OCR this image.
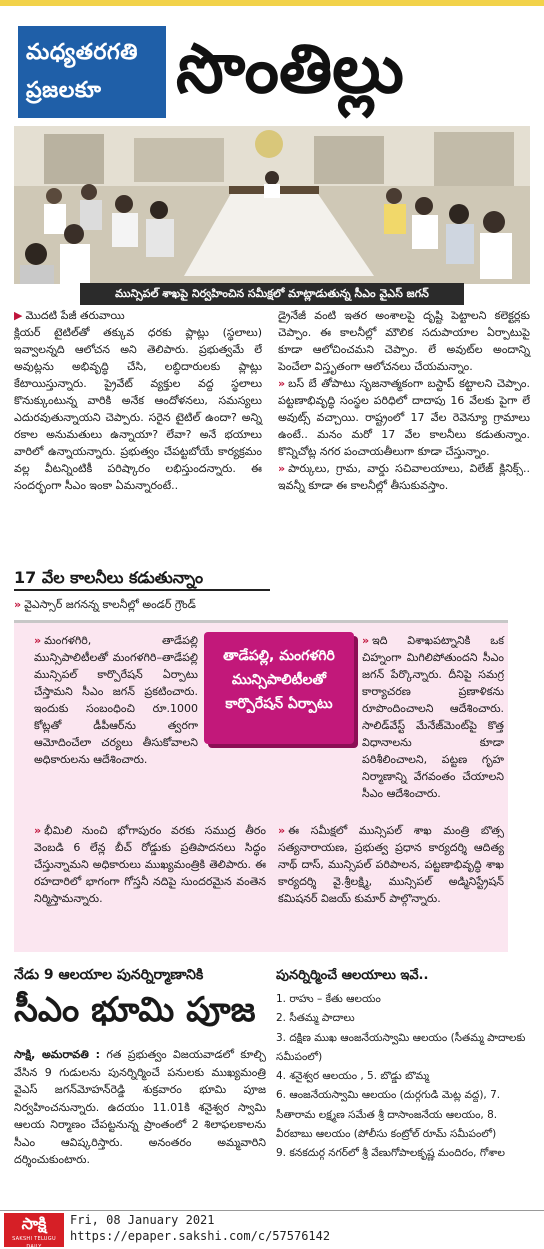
మధ్యతరగతి
ప్రజలకూ	సొంతిల్లు
మున్సిపల్ శాఖపై నిర్వహించిన సమీక్షలో మాట్లాడుతున్న సీఎం వైఎస్ జగన్

▶ మొదటి పేజీ తరువాయి

క్లియర్ టైటిల్‌తో తక్కువ ధరకు ప్లాట్లు (స్థలాలు) ఇవ్వాలన్నది ఆలోచన అని తెలిపారు. ప్రభుత్వమే లే అవుట్లను అభివృద్ధి చేసి, లబ్ధిదారులకు ప్లాట్లు కేటాయిస్తున్నారు. ప్రైవేట్ వ్యక్తుల వద్ద స్థలాలు కొనుక్కుంటున్న వారికి అనేక ఆందోళనలు, సమస్యలు ఎదురవుతున్నాయని చెప్పారు. సరైన టైటిల్ ఉందా? అన్ని రకాల అనుమతులు ఉన్నాయా? లేవా? అనే భయాలు వారిలో ఉన్నాయన్నారు. ప్రభుత్వం చేపట్టబోయే కార్యక్రమం వల్ల వీటన్నింటికీ పరిష్కారం లభిస్తుందన్నారు. ఈ సందర్భంగా సీఎం ఇంకా ఏమన్నారంటే..

17 వేల కాలనీలు కడుతున్నాం

» వైఎస్సార్ జగనన్న కాలనీల్లో అండర్ గ్రౌండ్

డ్రైనేజీ వంటి ఇతర అంశాలపై దృష్టి పెట్టాలని కలెక్టర్లకు చెప్పాం. ఈ కాలనీల్లో మౌలిక సదుపాయాల ఏర్పాటుపై కూడా ఆలోచించమని చెప్పాం. లే అవుట్‌ల అందాన్ని పెంచేలా విస్తృతంగా ఆలోచనలు చేయమన్నాం.

» బస్ బే తోపాటు సృజనాత్మకంగా బస్టాప్ కట్టాలని చెప్పాం. పట్టణాభివృద్ధి సంస్థల పరిధిలో దాదాపు 16 వేలకు పైగా లే అవుట్స్ వచ్చాయి. రాష్ట్రంలో 17 వేల రెవెన్యూ గ్రామాలు ఉంటే.. మనం మరో 17 వేల కాలనీలు కడుతున్నాం. కొన్నిచోట్ల నగర పంచాయతీలుగా కూడా చేస్తున్నాం.

» పార్కులు, గ్రామ, వార్డు సచివాలయాలు, విలేజ్ క్లినిక్స్.. ఇవన్నీ కూడా ఈ కాలనీల్లో తీసుకువస్తాం.

తాడేపల్లి, మంగళగిరి
మున్సిపాలిటీలతో
కార్పొరేషన్ ఏర్పాటు

» మంగళగిరి, తాడేపల్లి మున్సిపాలిటీలతో మంగళగిరి–తాడేపల్లి మున్సిపల్ కార్పొరేషన్ ఏర్పాటు చేస్తామని సీఎం జగన్ ప్రకటించారు. ఇందుకు సంబంధించి రూ.1000 కోట్లతో డీపీఆర్‌ను త్వరగా ఆమోదించేలా చర్యలు తీసుకోవాలని అధికారులను ఆదేశించారు.

» భీమిలి నుంచి భోగాపురం వరకు సముద్ర తీరం వెంబడి 6 లేన్ల బీచ్ రోడ్డుకు ప్రతిపాదనలు సిద్ధం చేస్తున్నామని అధికారులు ముఖ్యమంత్రికి తెలిపారు. ఈ రహదారిలో భాగంగా గోస్తనీ నదిపై సుందరమైన వంతెన నిర్మిస్తామన్నారు.

» ఇది విశాఖపట్నానికి ఒక చిహ్నంగా మిగిలిపోతుందని సీఎం జగన్ పేర్కొన్నారు. దీనిపై సమగ్ర కార్యాచరణ ప్రణాళికను రూపొందించాలని ఆదేశించారు. సాలిడ్‌వేస్ట్ మేనేజ్‌మెంట్‌పై కొత్త విధానాలను కూడా పరిశీలించాలని, పట్టణ గృహ నిర్మాణాన్ని వేగవంతం చేయాలని సీఎం ఆదేశించారు.

» ఈ సమీక్షలో మున్సిపల్ శాఖ మంత్రి బొత్స సత్యనారాయణ, ప్రభుత్వ ప్రధాన కార్యదర్శి ఆదిత్య నాథ్ దాస్, మున్సిపల్ పరిపాలన, పట్టణాభివృద్ధి శాఖ కార్యదర్శి వై.శ్రీలక్ష్మి, మున్సిపల్ అడ్మినిస్ట్రేషన్ కమిషనర్ విజయ్ కుమార్ పాల్గొన్నారు.

నేడు 9 ఆలయాల పునర్నిర్మాణానికి
సీఎం భూమి పూజ

సాక్షి, అమరావతి : గత ప్రభుత్వం విజయవాడలో కూల్చి వేసిన 9 గుడులను పునర్నిర్మించే పనులకు ముఖ్యమంత్రి వైఎస్ జగన్‌మోహన్‌రెడ్డి శుక్రవారం భూమి పూజ నిర్వహించనున్నారు. ఉదయం 11.01కి శనైశ్వర స్వామి ఆలయ నిర్మాణం చేపట్టనున్న ప్రాంతంలో 2 శిలాఫలకాలను సీఎం ఆవిష్కరిస్తారు. అనంతరం అమ్మవారిని దర్శించుకుంటారు.

పునర్నిర్మించే ఆలయాలు ఇవే..
1. రాహు – కేతు ఆలయం
2. సీతమ్మ పాదాలు
3. దక్షిణ ముఖ ఆంజనేయస్వామి ఆలయం (సీతమ్మ పాదాలకు సమీపంలో)
4. శనైశ్వర ఆలయం , 5. బొడ్డు బొమ్మ
6. ఆంజనేయస్వామి ఆలయం (దుర్గగుడి మెట్ల వద్ద), 7. సీతారామ లక్ష్మణ సమేత శ్రీ దాసాంజనేయ ఆలయం, 8. వీరబాబు ఆలయం (పోలీసు కంట్రోల్ రూమ్ సమీపంలో)
9. కనకదుర్గ నగర్‌లో శ్రీ వేణుగోపాలకృష్ణ మందిరం, గోశాల
సాక్షి
SAKSHI TELUGU DAILY
Fri, 08 January 2021
https://epaper.sakshi.com/c/57576142
